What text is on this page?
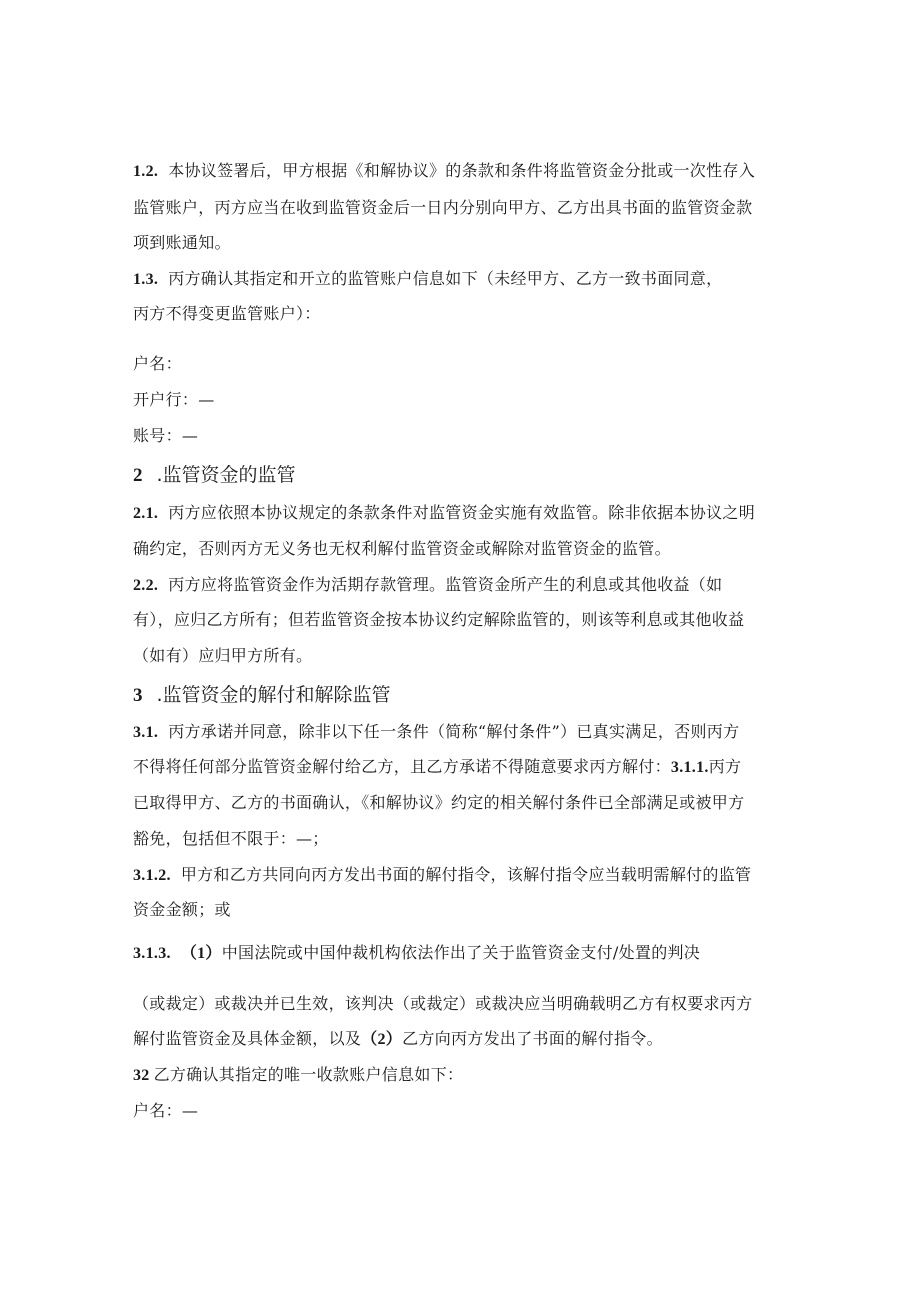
1.2. 本协议签署后，甲方根据《和解协议》的条款和条件将监管资金分批或一次性存入
监管账户，丙方应当在收到监管资金后一日内分别向甲方、乙方出具书面的监管资金款
项到账通知。
1.3. 丙方确认其指定和开立的监管账户信息如下（未经甲方、乙方一致书面同意，
丙方不得变更监管账户）：
户名：
开户行：—
账号：—
2 .监管资金的监管
2.1. 丙方应依照本协议规定的条款条件对监管资金实施有效监管。除非依据本协议之明
确约定，否则丙方无义务也无权利解付监管资金或解除对监管资金的监管。
2.2. 丙方应将监管资金作为活期存款管理。监管资金所产生的利息或其他收益（如
有），应归乙方所有；但若监管资金按本协议约定解除监管的，则该等利息或其他收益
（如有）应归甲方所有。
3 .监管资金的解付和解除监管
3.1. 丙方承诺并同意，除非以下任一条件（简称“解付条件”）已真实满足，否则丙方
不得将任何部分监管资金解付给乙方，且乙方承诺不得随意要求丙方解付：3.1.1.丙方
已取得甲方、乙方的书面确认，《和解协议》约定的相关解付条件已全部满足或被甲方
豁免，包括但不限于：—；
3.1.2. 甲方和乙方共同向丙方发出书面的解付指令，该解付指令应当载明需解付的监管
资金金额；或
3.1.3. （1）中国法院或中国仲裁机构依法作出了关于监管资金支付/处置的判决
（或裁定）或裁决并已生效，该判决（或裁定）或裁决应当明确载明乙方有权要求丙方
解付监管资金及具体金额，以及（2）乙方向丙方发出了书面的解付指令。
32 乙方确认其指定的唯一收款账户信息如下：
户名：—
